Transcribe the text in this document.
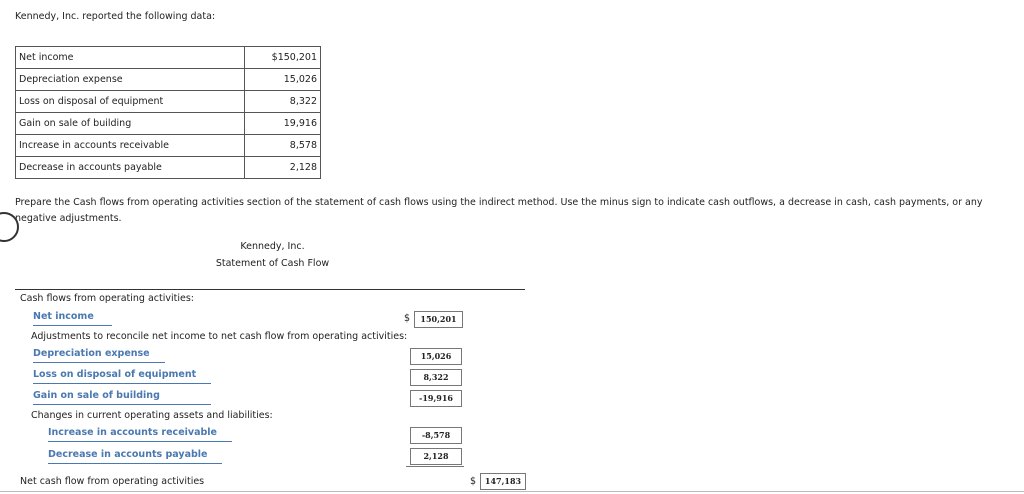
Kennedy, Inc. reported the following data:
Net income	$150,201
Depreciation expense	15,026
Loss on disposal of equipment	8,322
Gain on sale of building	19,916
Increase in accounts receivable	8,578
Decrease in accounts payable	2,128
Prepare the Cash flows from operating activities section of the statement of cash flows using the indirect method. Use the minus sign to indicate cash outflows, a decrease in cash, cash payments, or any negative adjustments.
Kennedy, Inc.
Statement of Cash Flow
Cash flows from operating activities:
Net income	$	150,201
Adjustments to reconcile net income to net cash flow from operating activities:
Depreciation expense	15,026
Loss on disposal of equipment	8,322
Gain on sale of building	-19,916
Changes in current operating assets and liabilities:
Increase in accounts receivable	-8,578
Decrease in accounts payable	2,128
Net cash flow from operating activities	$	147,183
